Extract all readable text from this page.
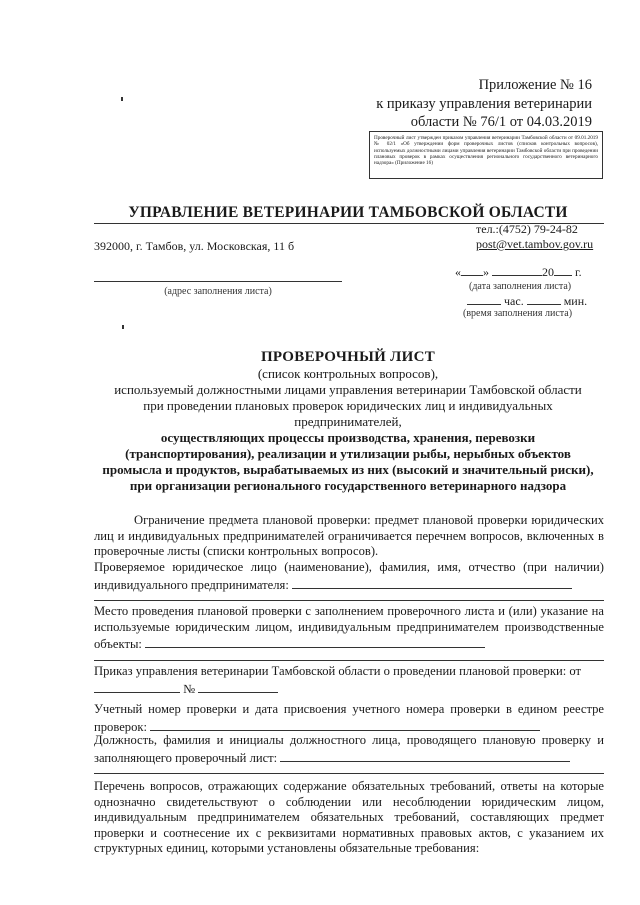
Приложение № 16
к приказу управления ветеринарии
области № 76/1 от 04.03.2019
Проверочный лист утвержден приказом управления ветеринарии Тамбовской области от 09.01.2019 № 02/1 «Об утверждении форм проверочных листов (списков контрольных вопросов), используемых должностными лицами управления ветеринарии Тамбовской области при проведении плановых проверок в рамках осуществления регионального государственного ветеринарного надзора» (Приложение 16)
УПРАВЛЕНИЕ ВЕТЕРИНАРИИ ТАМБОВСКОЙ ОБЛАСТИ
тел.:(4752) 79-24-82
392000, г. Тамбов, ул. Московская, 11 б	post@vet.tambov.gov.ru
(адрес заполнения листа)
« »	20 г.
(дата заполнения листа)
час.	мин.
(время заполнения листа)
ПРОВЕРОЧНЫЙ ЛИСТ
(список контрольных вопросов),
используемый должностными лицами управления ветеринарии Тамбовской области
при проведении плановых проверок юридических лиц и индивидуальных
предпринимателей,
осуществляющих процессы производства, хранения, перевозки
(транспортирования), реализации и утилизации рыбы, нерыбных объектов
промысла и продуктов, вырабатываемых из них (высокий и значительный риски),
при организации регионального государственного ветеринарного надзора
Ограничение предмета плановой проверки: предмет плановой проверки юридических лиц и индивидуальных предпринимателей ограничивается перечнем вопросов, включенных в проверочные листы (списки контрольных вопросов).
Проверяемое юридическое лицо (наименование), фамилия, имя, отчество (при наличии) индивидуального предпринимателя:
Место проведения плановой проверки с заполнением проверочного листа и (или) указание на используемые юридическим лицом, индивидуальным предпринимателем производственные объекты:
Приказ управления ветеринарии Тамбовской области о проведении плановой проверки: от
№
Учетный номер проверки и дата присвоения учетного номера проверки в едином реестре проверок:
Должность, фамилия и инициалы должностного лица, проводящего плановую проверку и заполняющего проверочный лист:
Перечень вопросов, отражающих содержание обязательных требований, ответы на которые однозначно свидетельствуют о соблюдении или несоблюдении юридическим лицом, индивидуальным предпринимателем обязательных требований, составляющих предмет проверки и соотнесение их с реквизитами нормативных правовых актов, с указанием их структурных единиц, которыми установлены обязательные требования:
